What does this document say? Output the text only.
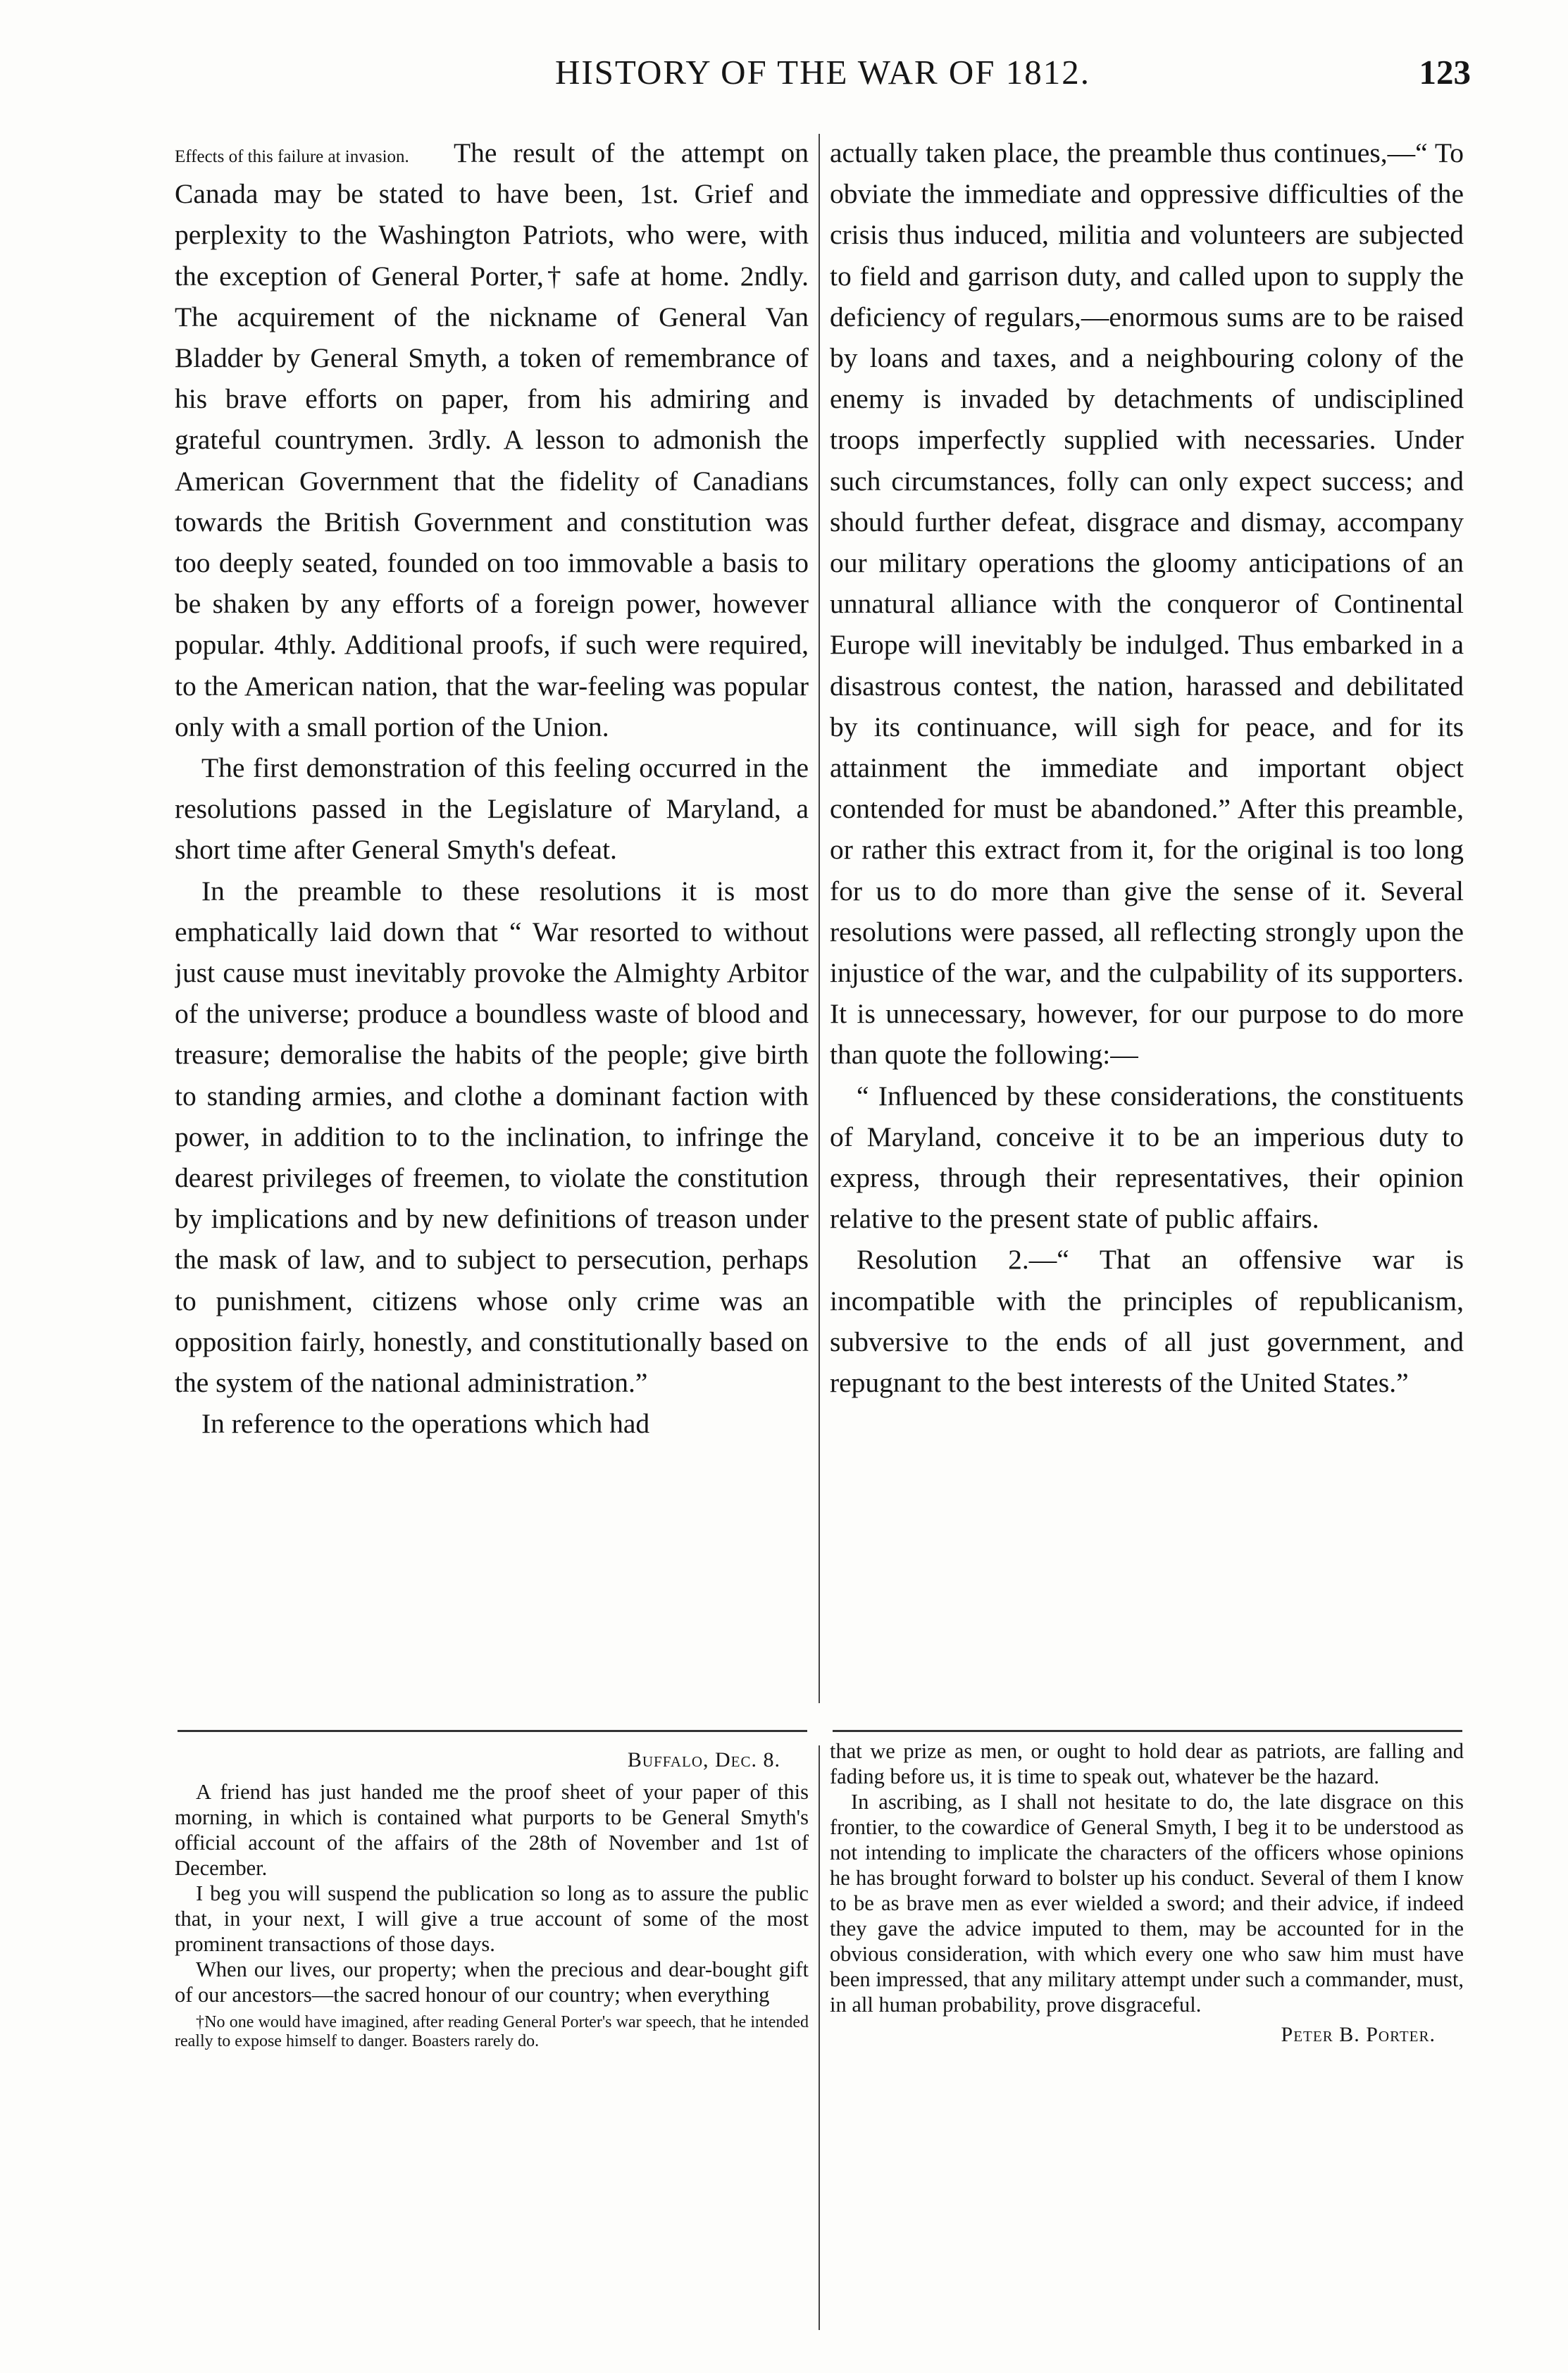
HISTORY OF THE WAR OF 1812.	123

Effects of this failure at invasion. The result of the attempt on Canada may be stated to have been, 1st. Grief and perplexity to the Washington Patriots, who were, with the exception of General Porter,† safe at home. 2ndly. The acquirement of the nickname of General Van Bladder by General Smyth, a token of remembrance of his brave efforts on paper, from his admiring and grateful countrymen. 3rdly. A lesson to admonish the American Government that the fidelity of Canadians towards the British Government and constitution was too deeply seated, founded on too immovable a basis to be shaken by any efforts of a foreign power, however popular. 4thly. Additional proofs, if such were required, to the American nation, that the war-feeling was popular only with a small portion of the Union.

The first demonstration of this feeling occurred in the resolutions passed in the Legislature of Maryland, a short time after General Smyth's defeat.

In the preamble to these resolutions it is most emphatically laid down that “ War resorted to without just cause must inevitably provoke the Almighty Arbitor of the universe; produce a boundless waste of blood and treasure; demoralise the habits of the people; give birth to standing armies, and clothe a dominant faction with power, in addition to to the inclination, to infringe the dearest privileges of freemen, to violate the constitution by implications and by new definitions of treason under the mask of law, and to subject to persecution, perhaps to punishment, citizens whose only crime was an opposition fairly, honestly, and constitutionally based on the system of the national administration.”

In reference to the operations which had

actually taken place, the preamble thus continues,—“ To obviate the immediate and oppressive difficulties of the crisis thus induced, militia and volunteers are subjected to field and garrison duty, and called upon to supply the deficiency of regulars,—enormous sums are to be raised by loans and taxes, and a neighbouring colony of the enemy is invaded by detachments of undisciplined troops imperfectly supplied with necessaries. Under such circumstances, folly can only expect success; and should further defeat, disgrace and dismay, accompany our military operations the gloomy anticipations of an unnatural alliance with the conqueror of Continental Europe will inevitably be indulged. Thus embarked in a disastrous contest, the nation, harassed and debilitated by its continuance, will sigh for peace, and for its attainment the immediate and important object contended for must be abandoned.” After this preamble, or rather this extract from it, for the original is too long for us to do more than give the sense of it. Several resolutions were passed, all reflecting strongly upon the injustice of the war, and the culpability of its supporters. It is unnecessary, however, for our purpose to do more than quote the following:—

“ Influenced by these considerations, the constituents of Maryland, conceive it to be an imperious duty to express, through their representatives, their opinion relative to the present state of public affairs.

Resolution 2.—“ That an offensive war is incompatible with the principles of republicanism, subversive to the ends of all just government, and repugnant to the best interests of the United States.”

Buffalo, Dec. 8.

A friend has just handed me the proof sheet of your paper of this morning, in which is contained what purports to be General Smyth's official account of the affairs of the 28th of November and 1st of December.

I beg you will suspend the publication so long as to assure the public that, in your next, I will give a true account of some of the most prominent transactions of those days.

When our lives, our property; when the precious and dear-bought gift of our ancestors—the sacred honour of our country; when everything

†No one would have imagined, after reading General Porter's war speech, that he intended really to expose himself to danger. Boasters rarely do.

that we prize as men, or ought to hold dear as patriots, are falling and fading before us, it is time to speak out, whatever be the hazard.

In ascribing, as I shall not hesitate to do, the late disgrace on this frontier, to the cowardice of General Smyth, I beg it to be understood as not intending to implicate the characters of the officers whose opinions he has brought forward to bolster up his conduct. Several of them I know to be as brave men as ever wielded a sword; and their advice, if indeed they gave the advice imputed to them, may be accounted for in the obvious consideration, with which every one who saw him must have been impressed, that any military attempt under such a commander, must, in all human probability, prove disgraceful.

Peter B. Porter.
